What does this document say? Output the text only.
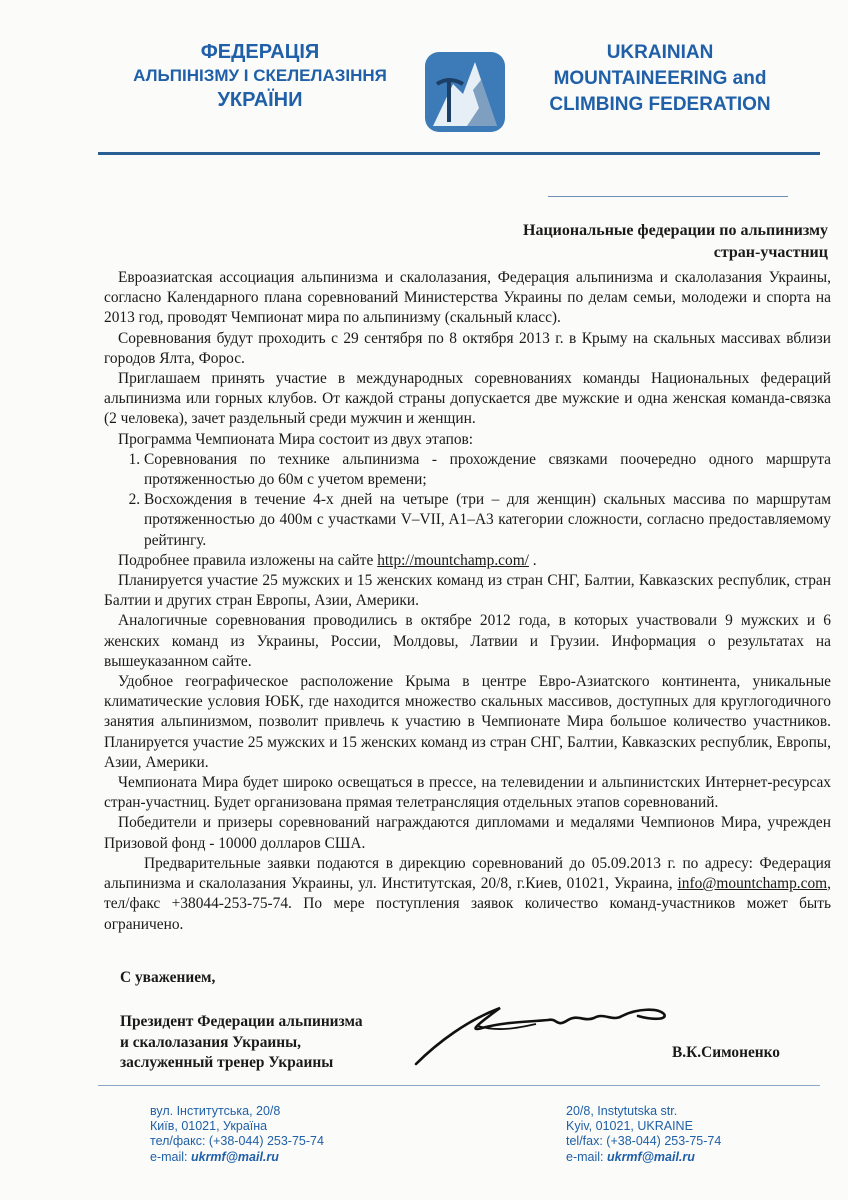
ФЕДЕРАЦІЯ
АЛЬПІНІЗМУ І СКЕЛЕЛАЗІННЯ
УКРАЇНИ
UKRAINIAN
MOUNTAINEERING and
CLIMBING FEDERATION
Национальные федерации по альпинизму
стран-участниц

Евроазиатская ассоциация альпинизма и скалолазания, Федерация альпинизма и скалолазания Украины, согласно Календарного плана соревнований Министерства Украины по делам семьи, молодежи и спорта на 2013 год, проводят Чемпионат мира по альпинизму (скальный класс).

Соревнования будут проходить с 29 сентября по 8 октября 2013 г. в Крыму на скальных массивах вблизи городов Ялта, Форос.

Приглашаем принять участие в международных соревнованиях команды Национальных федераций альпинизма или горных клубов. От каждой страны допускается две мужские и одна женская команда-связка (2 человека), зачет раздельный среди мужчин и женщин.

Программа Чемпионата Мира состоит из двух этапов:

1. Соревнования по технике альпинизма - прохождение связками поочередно одного маршрута протяженностью до 60м с учетом времени;
2. Восхождения в течение 4-х дней на четыре (три – для женщин) скальных массива по маршрутам протяженностью до 400м с участками V–VII, A1–A3 категории сложности, согласно предоставляемому рейтингу.

Подробнее правила изложены на сайте http://mountchamp.com/ .

Планируется участие 25 мужских и 15 женских команд из стран СНГ, Балтии, Кавказских республик, стран Балтии и других стран Европы, Азии, Америки.

Аналогичные соревнования проводились в октябре 2012 года, в которых участвовали 9 мужских и 6 женских команд из Украины, России, Молдовы, Латвии и Грузии. Информация о результатах на вышеуказанном сайте.

Удобное географическое расположение Крыма в центре Евро-Азиатского континента, уникальные климатические условия ЮБК, где находится множество скальных массивов, доступных для круглогодичного занятия альпинизмом, позволит привлечь к участию в Чемпионате Мира большое количество участников. Планируется участие 25 мужских и 15 женских команд из стран СНГ, Балтии, Кавказских республик, Европы, Азии, Америки.

Чемпионата Мира будет широко освещаться в прессе, на телевидении и альпинистских Интернет-ресурсах стран-участниц. Будет организована прямая телетрансляция отдельных этапов соревнований.

Победители и призеры соревнований награждаются дипломами и медалями Чемпионов Мира, учрежден Призовой фонд - 10000 долларов США.

Предварительные заявки подаются в дирекцию соревнований до 05.09.2013 г. по адресу: Федерация альпинизма и скалолазания Украины, ул. Институтская, 20/8, г.Киев, 01021, Украина, info@mountchamp.com, тел/факс +38044-253-75-74. По мере поступления заявок количество команд-участников может быть ограничено.

С уважением,
Президент Федерации альпинизма
и скалолазания Украины,
заслуженный тренер Украины
В.К.Симоненко
вул. Інститутська, 20/8
Київ, 01021, Україна
тел/факс: (+38-044) 253-75-74
e-mail: ukrmf@mail.ru
20/8, Instytutska str.
Kyiv, 01021, UKRAINE
tel/fax: (+38-044) 253-75-74
e-mail: ukrmf@mail.ru
